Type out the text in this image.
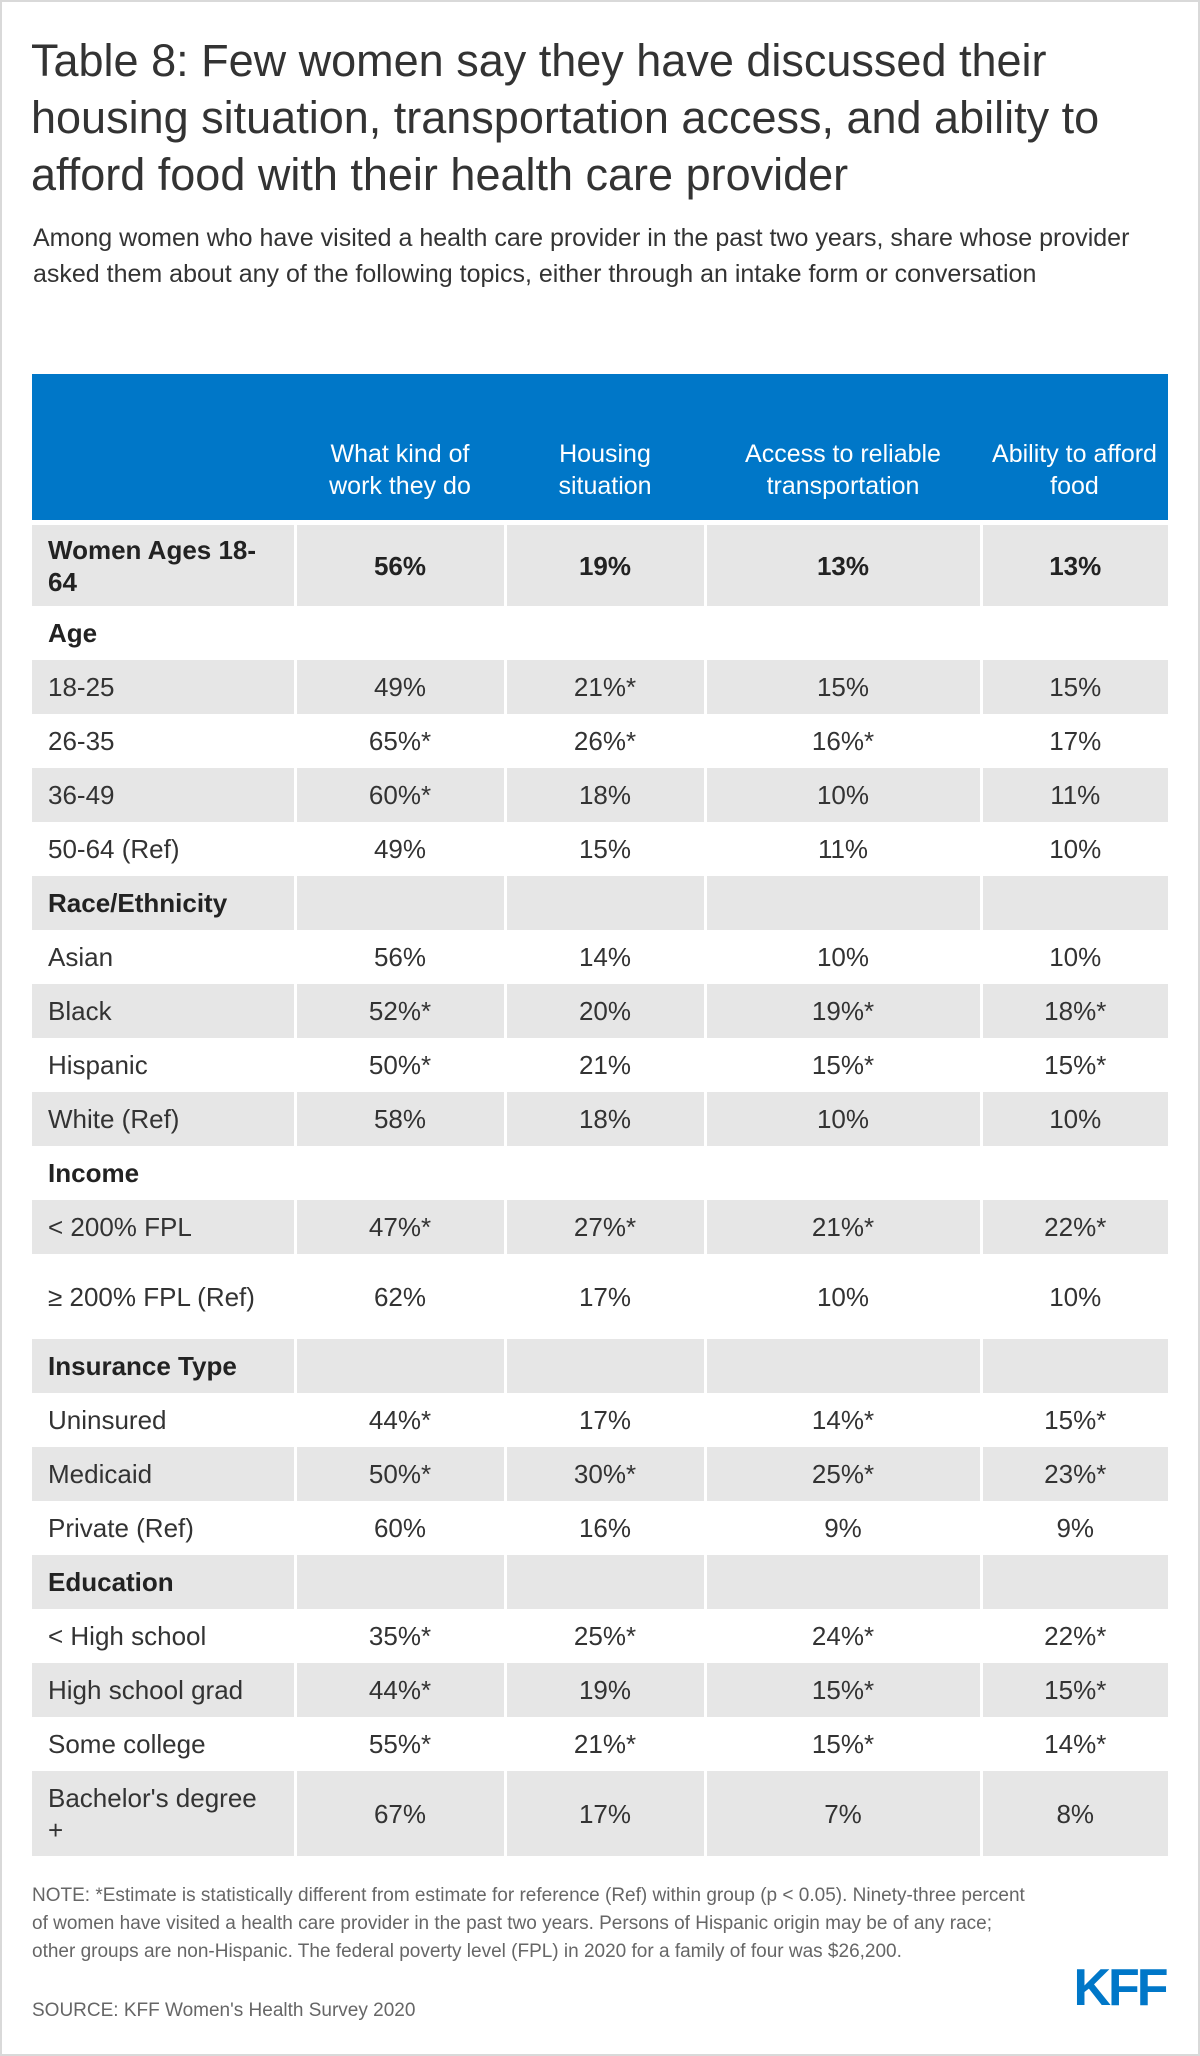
Table 8: Few women say they have discussed their housing situation, transportation access, and ability to afford food with their health care provider

Among women who have visited a health care provider in the past two years, share whose provider asked them about any of the following topics, either through an intake form or conversation

	What kind of work they do	Housing situation	Access to reliable transportation	Ability to afford food
Women Ages 18-64	56%	19%	13%	13%
Age				
18-25	49%	21%*	15%	15%
26-35	65%*	26%*	16%*	17%
36-49	60%*	18%	10%	11%
50-64 (Ref)	49%	15%	11%	10%
Race/Ethnicity				
Asian	56%	14%	10%	10%
Black	52%*	20%	19%*	18%*
Hispanic	50%*	21%	15%*	15%*
White (Ref)	58%	18%	10%	10%
Income				
< 200% FPL	47%*	27%*	21%*	22%*
≥ 200% FPL (Ref)	62%	17%	10%	10%
Insurance Type				
Uninsured	44%*	17%	14%*	15%*
Medicaid	50%*	30%*	25%*	23%*
Private (Ref)	60%	16%	9%	9%
Education				
< High school	35%*	25%*	24%*	22%*
High school grad	44%*	19%	15%*	15%*
Some college	55%*	21%*	15%*	14%*
Bachelor's degree +	67%	17%	7%	8%

NOTE: *Estimate is statistically different from estimate for reference (Ref) within group (p < 0.05). Ninety-three percent of women have visited a health care provider in the past two years. Persons of Hispanic origin may be of any race; other groups are non-Hispanic. The federal poverty level (FPL) in 2020 for a family of four was $26,200.

SOURCE: KFF Women's Health Survey 2020	KFF
